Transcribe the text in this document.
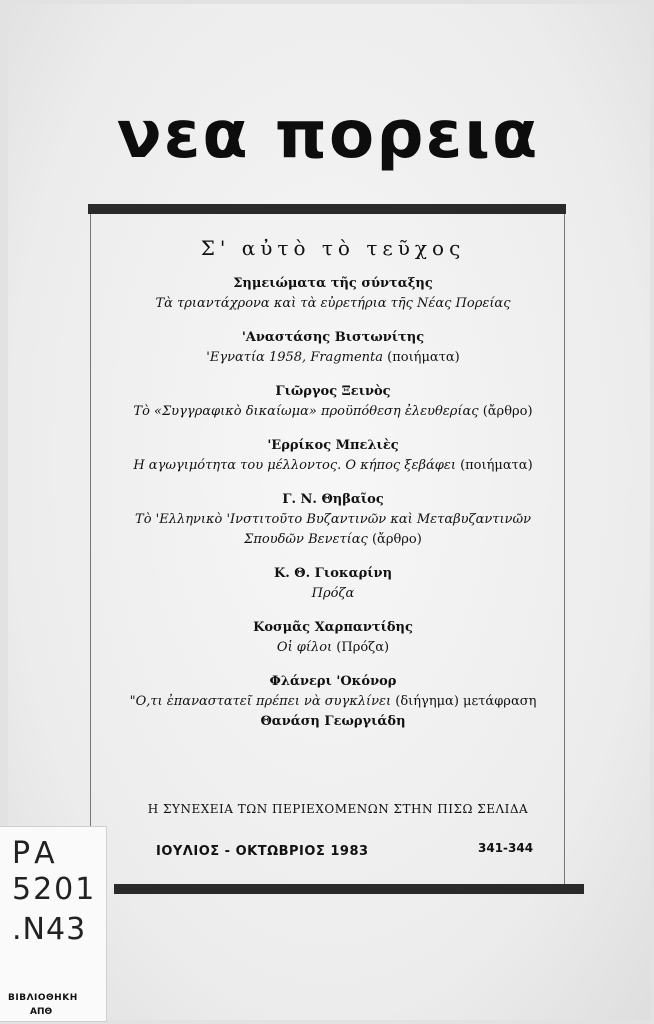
νεα πορεια
Σ' αὐτὸ τὸ τεῦχος
Σημειώματα τῆς σύνταξης
Τὰ τριαντάχρονα καὶ τὰ εὐρετήρια τῆς Νέας Πορείας
'Αναστάσης Βιστωνίτης
'Εγνατία 1958, Fragmenta (ποιήματα)
Γιῶργος Ξεινὸς
Τὸ «Συγγραφικὸ δικαίωμα» προϋπόθεση ἐλευθερίας (ἄρθρο)
'Ερρίκος Μπελιὲς
Η αγωγιμότητα του μέλλοντος. Ο κήπος ξεβάφει (ποιήματα)
Γ. Ν. Θηβαῖος
Τὸ 'Ελληνικὸ 'Ινστιτοῦτο Βυζαντινῶν καὶ Μεταβυζαντινῶν Σπουδῶν Βενετίας (ἄρθρο)
Κ. Θ. Γιοκαρίνη
Πρόζα
Κοσμᾶς Χαρπαντίδης
Οἱ φίλοι (Πρόζα)
Φλάνερι 'Οκόνορ
"Ο,τι ἐπαναστατεῖ πρέπει νὰ συγκλίνει (διήγημα) μετάφραση
Θανάση Γεωργιάδη
Η ΣΥΝΕΧΕΙΑ ΤΩΝ ΠΕΡΙΕΧΟΜΕΝΩΝ ΣΤΗΝ ΠΙΣΩ ΣΕΛΙΔΑ
ΙΟΥΛΙΟΣ - ΟΚΤΩΒΡΙΟΣ 1983	341-344
PA
5201
.N43
ΒΙΒΛΙΟΘΗΚΗ
ΑΠΘ
